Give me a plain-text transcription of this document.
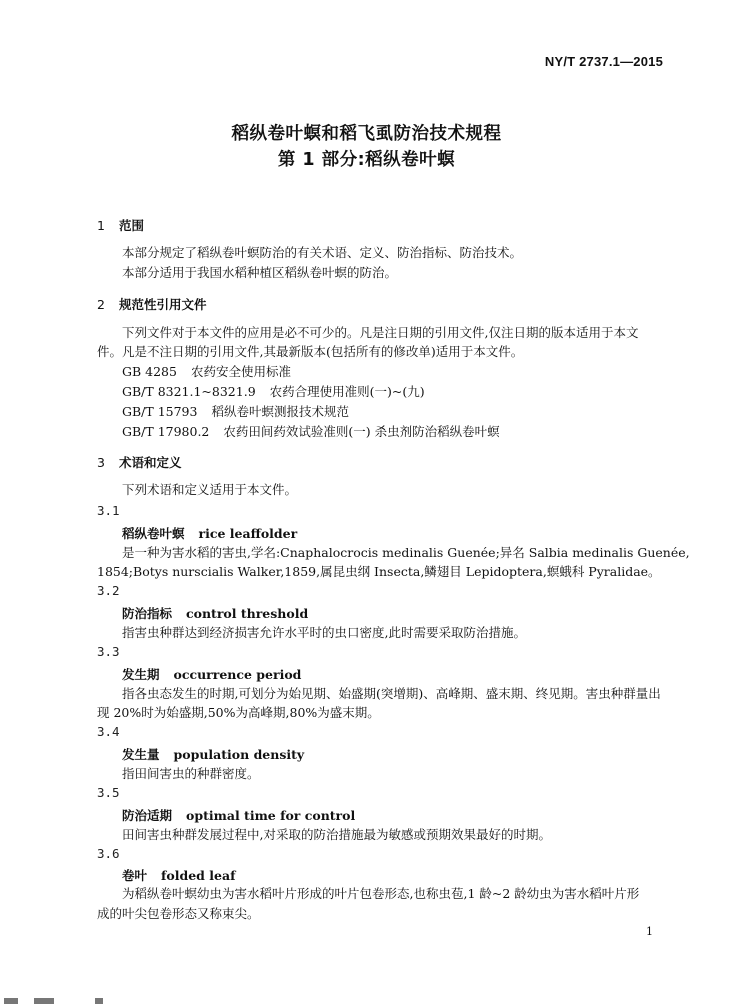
NY/T 2737.1—2015
稻纵卷叶螟和稻飞虱防治技术规程
第 1 部分:稻纵卷叶螟
1 范围
本部分规定了稻纵卷叶螟防治的有关术语、定义、防治指标、防治技术。
本部分适用于我国水稻种植区稻纵卷叶螟的防治。
2 规范性引用文件
下列文件对于本文件的应用是必不可少的。凡是注日期的引用文件,仅注日期的版本适用于本文
件。凡是不注日期的引用文件,其最新版本(包括所有的修改单)适用于本文件。
GB 4285 农药安全使用标准
GB/T 8321.1~8321.9 农药合理使用准则(一)~(九)
GB/T 15793 稻纵卷叶螟测报技术规范
GB/T 17980.2 农药田间药效试验准则(一) 杀虫剂防治稻纵卷叶螟
3 术语和定义
下列术语和定义适用于本文件。
3.1
稻纵卷叶螟 rice leaffolder
是一种为害水稻的害虫,学名:Cnaphalocrocis medinalis Guenée;异名 Salbia medinalis Guenée,
1854;Botys nurscialis Walker,1859,属昆虫纲 Insecta,鳞翅目 Lepidoptera,螟蛾科 Pyralidae。
3.2
防治指标 control threshold
指害虫种群达到经济损害允许水平时的虫口密度,此时需要采取防治措施。
3.3
发生期 occurrence period
指各虫态发生的时期,可划分为始见期、始盛期(突增期)、高峰期、盛末期、终见期。害虫种群量出
现 20%时为始盛期,50%为高峰期,80%为盛末期。
3.4
发生量 population density
指田间害虫的种群密度。
3.5
防治适期 optimal time for control
田间害虫种群发展过程中,对采取的防治措施最为敏感或预期效果最好的时期。
3.6
卷叶 folded leaf
为稻纵卷叶螟幼虫为害水稻叶片形成的叶片包卷形态,也称虫苞,1 龄~2 龄幼虫为害水稻叶片形
成的叶尖包卷形态又称束尖。
1
